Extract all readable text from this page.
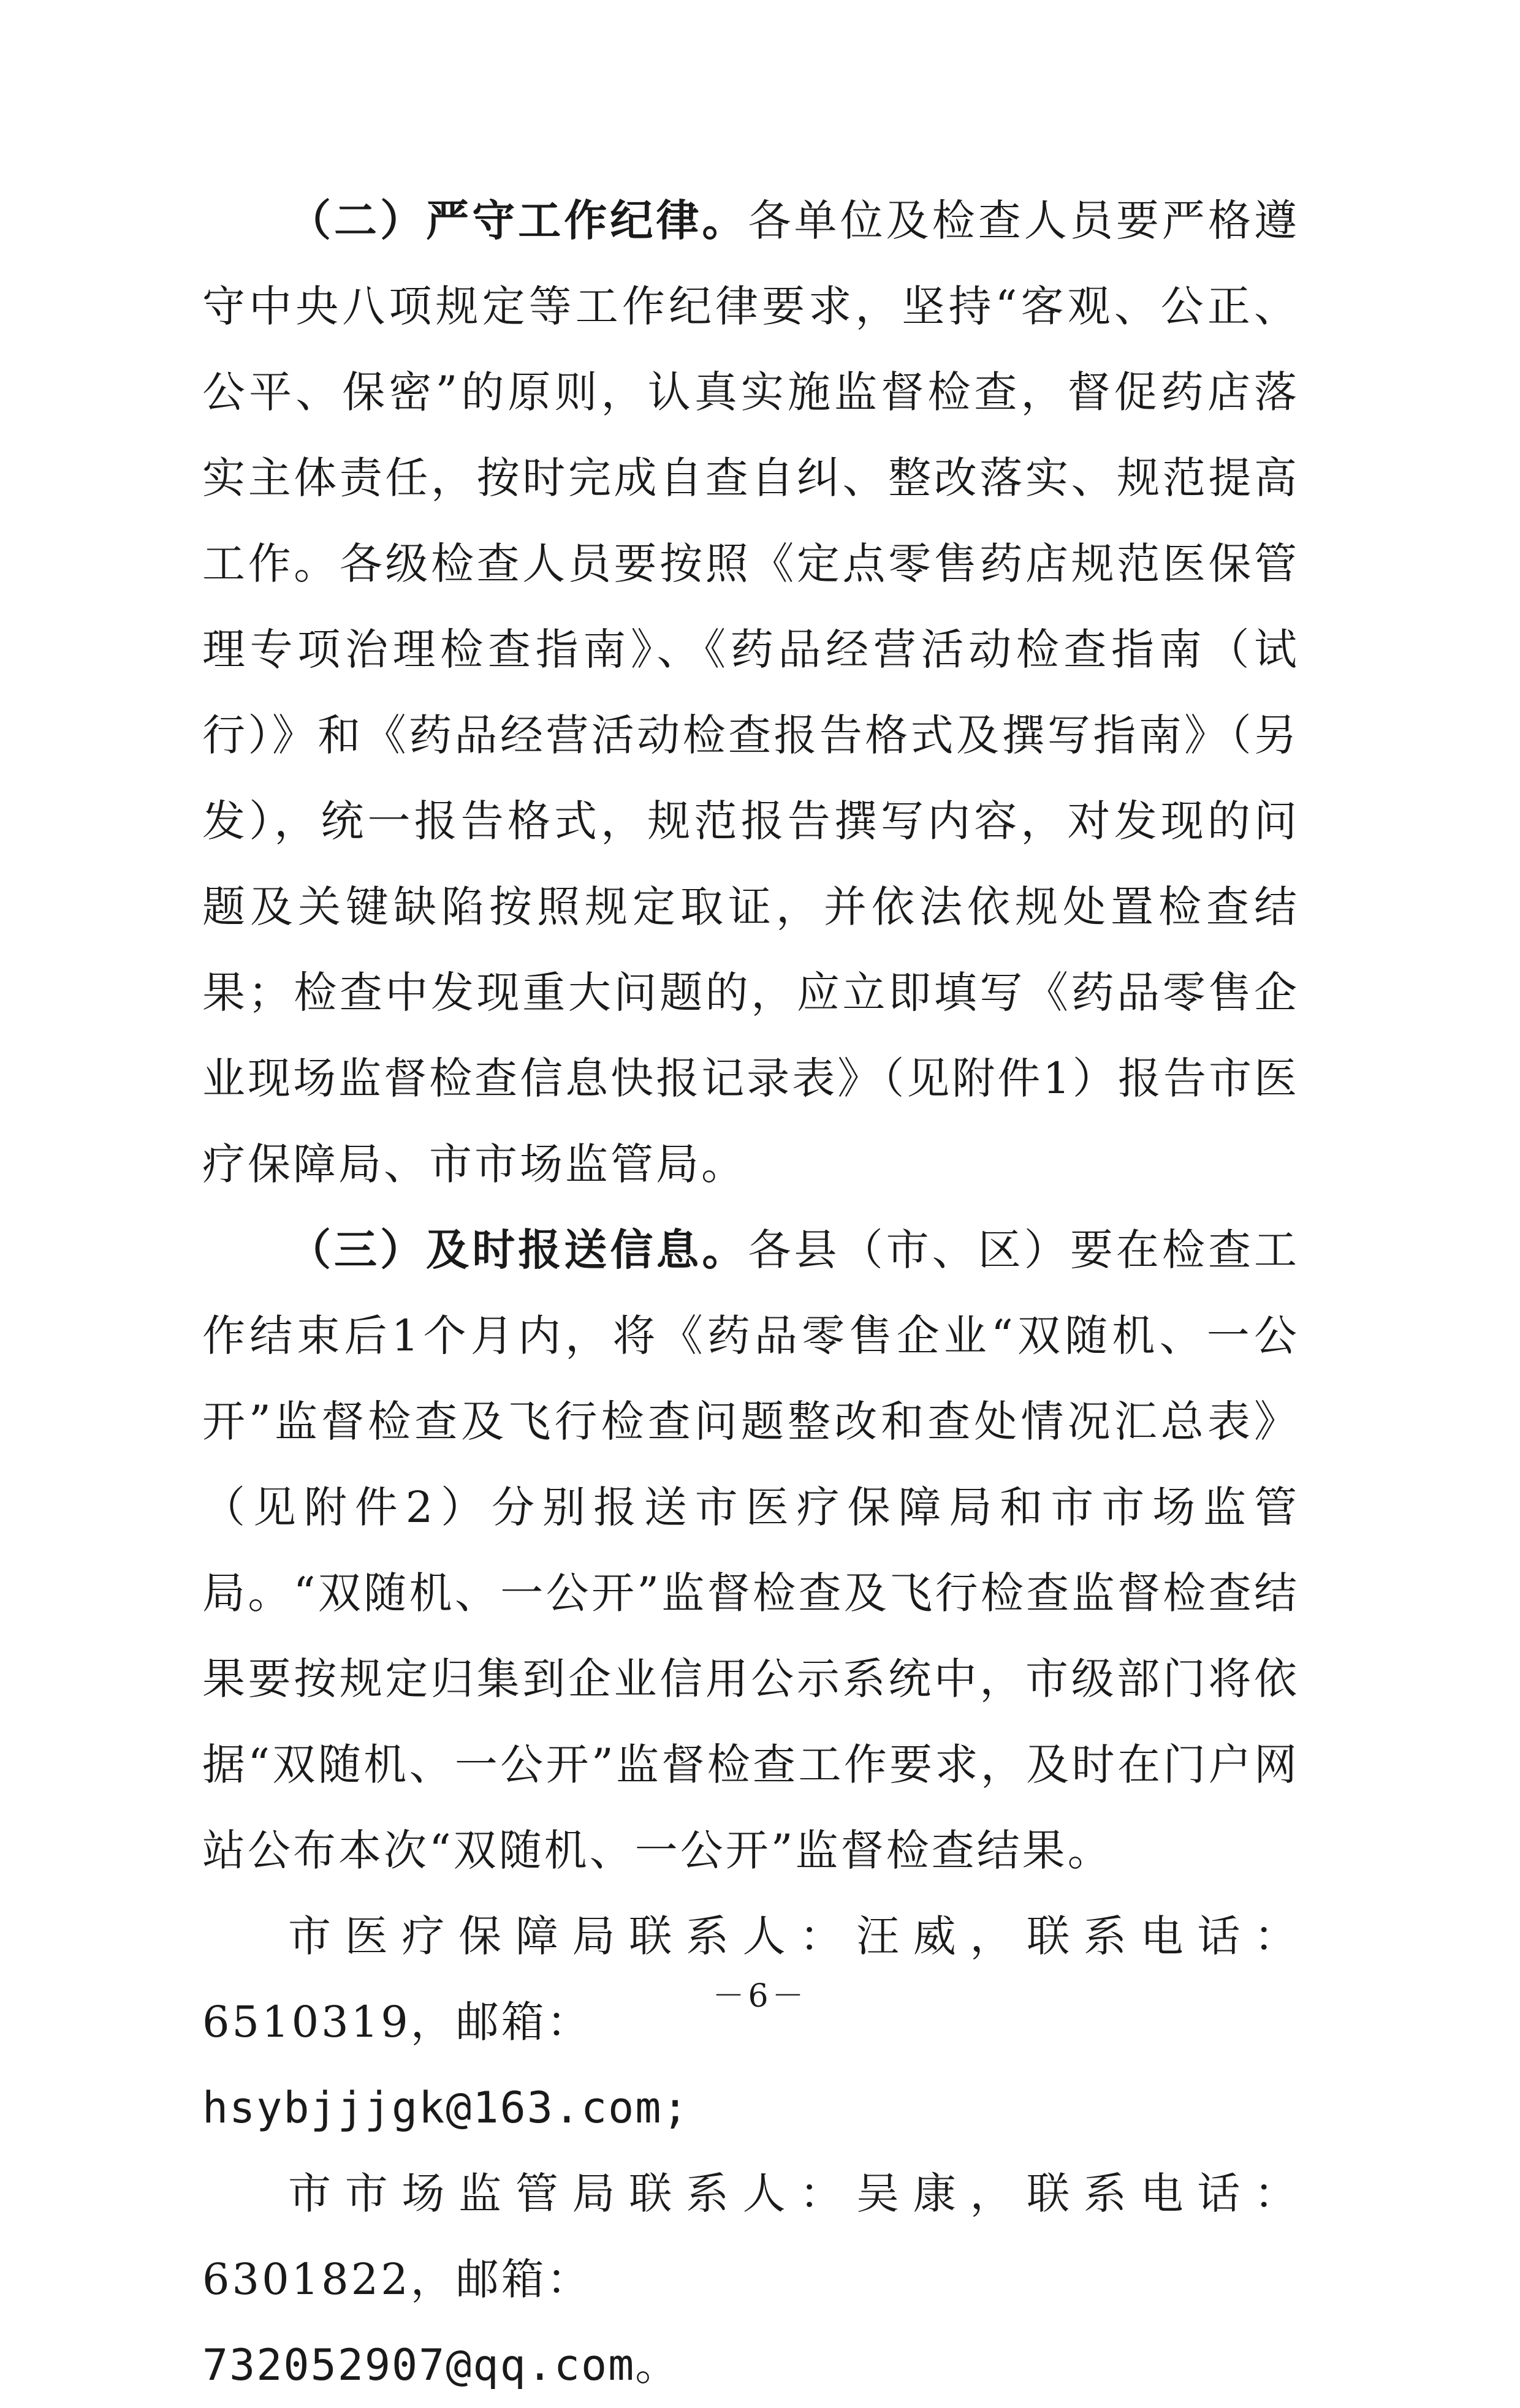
（二）严守工作纪律。各单位及检查人员要严格遵守中央八项规定等工作纪律要求，坚持“客观、公正、公平、保密”的原则，认真实施监督检查，督促药店落实主体责任，按时完成自查自纠、整改落实、规范提高工作。各级检查人员要按照《定点零售药店规范医保管理专项治理检查指南》、《药品经营活动检查指南（试行）》和《药品经营活动检查报告格式及撰写指南》（另发），统一报告格式，规范报告撰写内容，对发现的问题及关键缺陷按照规定取证，并依法依规处置检查结果；检查中发现重大问题的，应立即填写《药品零售企业现场监督检查信息快报记录表》（见附件1）报告市医疗保障局、市市场监管局。

（三）及时报送信息。各县（市、区）要在检查工作结束后1个月内，将《药品零售企业“双随机、一公开”监督检查及飞行检查问题整改和查处情况汇总表》（见附件2）分别报送市医疗保障局和市市场监管局。“双随机、一公开”监督检查及飞行检查监督检查结果要按规定归集到企业信用公示系统中，市级部门将依据“双随机、一公开”监督检查工作要求，及时在门户网站公布本次“双随机、一公开”监督检查结果。

市医疗保障局联系人：汪威，联系电话：6510319，邮箱：

hsybjjjgk@163.com;

市市场监管局联系人：吴康，联系电话：6301822，邮箱：

732052907@qq.com。

－6－
